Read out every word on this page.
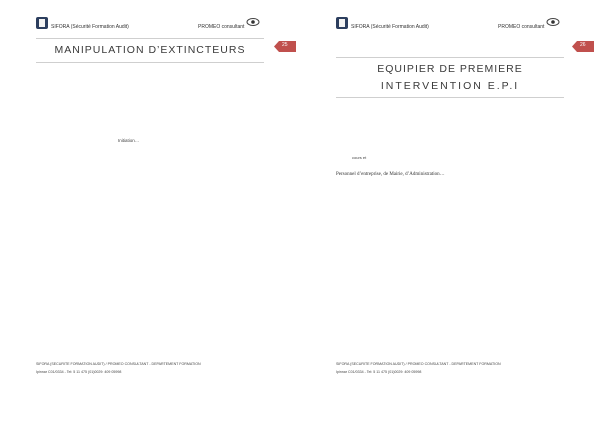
SIFORA (Sécurité Formation Audit)	PROMEO consultant
25
MANIPULATION D’EXTINCTEURS
Initiation…
SIFORA (SECURITE FORMATION AUDIT) / PROMEO CONSULTANT - DEPARTEMENT FORMATION
Ipinnar C01/0334 - Tel: 5 11 475 (01)0029: 409 05998
SIFORA (Sécurité Formation Audit)	PROMEO consultant
26
EQUIPIER DE PREMIERE
INTERVENTION E.P.I
cours et
Personnel d’entreprise, de Mairie, d’Administration…
SIFORA (SECURITE FORMATION AUDIT) / PROMEO CONSULTANT - DEPARTEMENT FORMATION
Ipinnar C01/0334 - Tel: 5 11 475 (01)0029: 409 05998
